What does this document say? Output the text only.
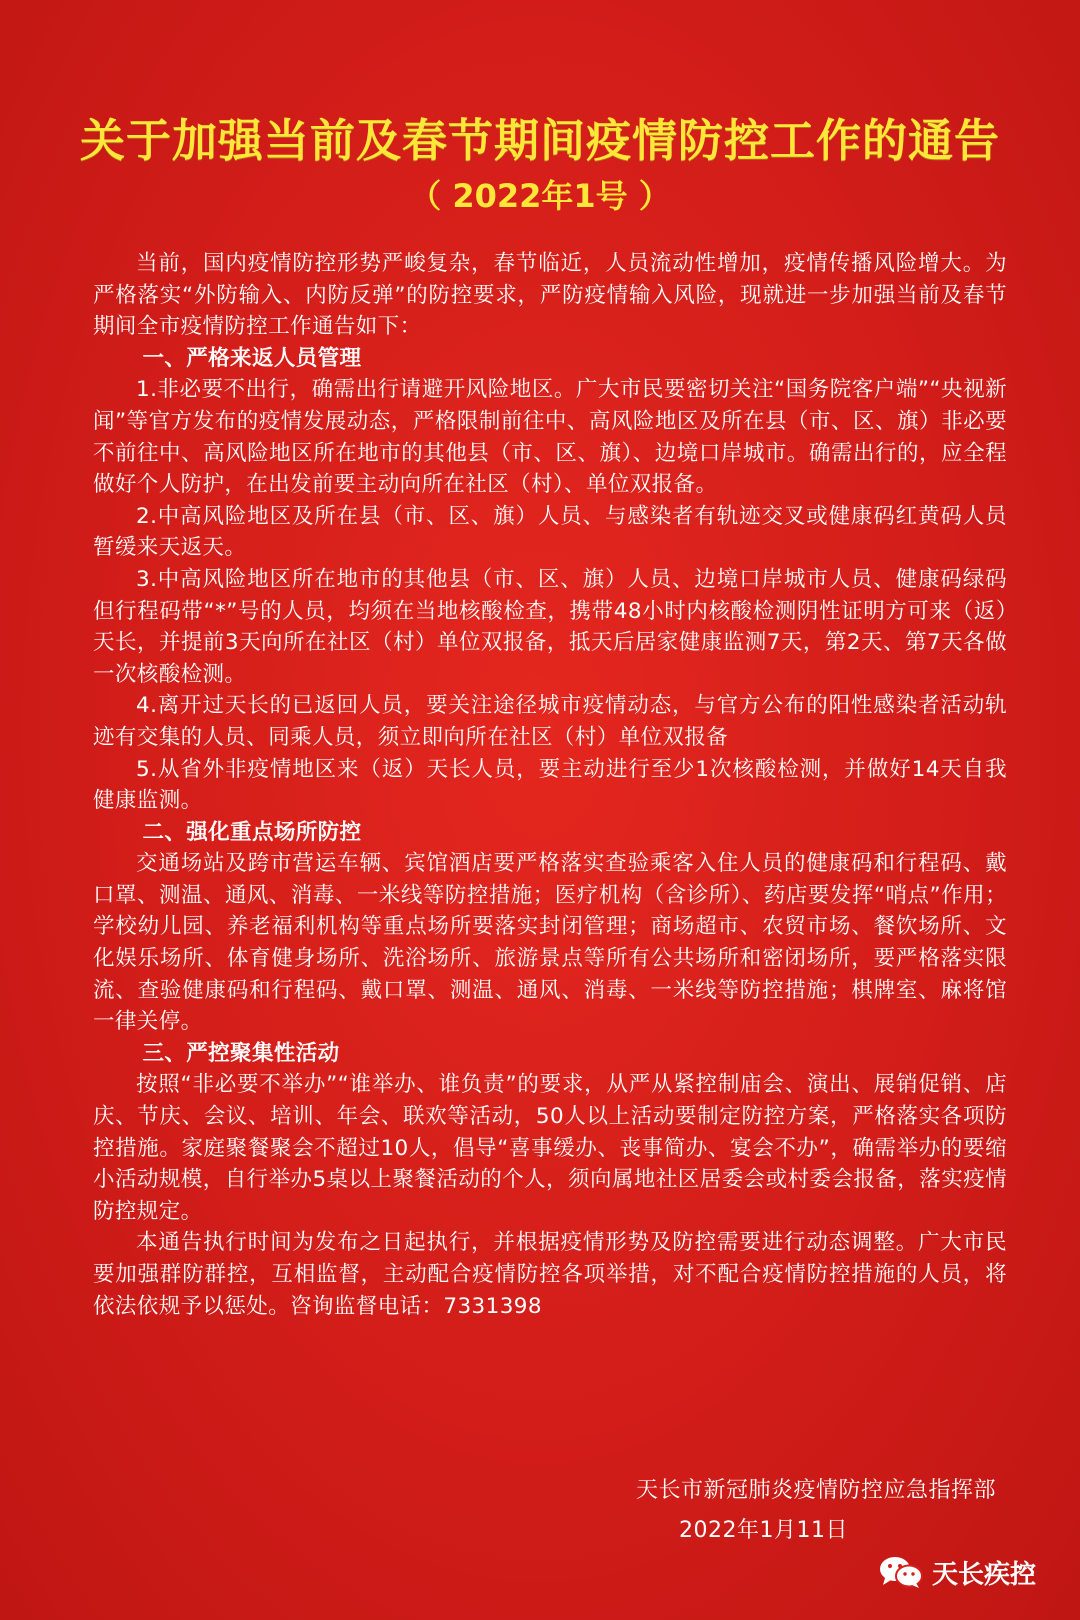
关于加强当前及春节期间疫情防控工作的通告
（ 2022年1号 ）

当前，国内疫情防控形势严峻复杂，春节临近，人员流动性增加，疫情传播风险增大。为严格落实“外防输入、内防反弹”的防控要求，严防疫情输入风险，现就进一步加强当前及春节期间全市疫情防控工作通告如下：

一、严格来返人员管理

1.非必要不出行，确需出行请避开风险地区。广大市民要密切关注“国务院客户端”“央视新闻”等官方发布的疫情发展动态，严格限制前往中、高风险地区及所在县（市、区、旗）非必要不前往中、高风险地区所在地市的其他县（市、区、旗）、边境口岸城市。确需出行的，应全程做好个人防护，在出发前要主动向所在社区（村）、单位双报备。

2.中高风险地区及所在县（市、区、旗）人员、与感染者有轨迹交叉或健康码红黄码人员暂缓来天返天。

3.中高风险地区所在地市的其他县（市、区、旗）人员、边境口岸城市人员、健康码绿码但行程码带“*”号的人员，均须在当地核酸检查，携带48小时内核酸检测阴性证明方可来（返）天长，并提前3天向所在社区（村）单位双报备，抵天后居家健康监测7天，第2天、第7天各做一次核酸检测。

4.离开过天长的已返回人员，要关注途径城市疫情动态，与官方公布的阳性感染者活动轨迹有交集的人员、同乘人员，须立即向所在社区（村）单位双报备

5.从省外非疫情地区来（返）天长人员，要主动进行至少1次核酸检测，并做好14天自我健康监测。

二、强化重点场所防控

交通场站及跨市营运车辆、宾馆酒店要严格落实查验乘客入住人员的健康码和行程码、戴口罩、测温、通风、消毒、一米线等防控措施；医疗机构（含诊所）、药店要发挥“哨点”作用；学校幼儿园、养老福利机构等重点场所要落实封闭管理；商场超市、农贸市场、餐饮场所、文化娱乐场所、体育健身场所、洗浴场所、旅游景点等所有公共场所和密闭场所，要严格落实限流、查验健康码和行程码、戴口罩、测温、通风、消毒、一米线等防控措施；棋牌室、麻将馆一律关停。

三、严控聚集性活动

按照“非必要不举办”“谁举办、谁负责”的要求，从严从紧控制庙会、演出、展销促销、店庆、节庆、会议、培训、年会、联欢等活动，50人以上活动要制定防控方案，严格落实各项防控措施。家庭聚餐聚会不超过10人，倡导“喜事缓办、丧事简办、宴会不办”，确需举办的要缩小活动规模，自行举办5桌以上聚餐活动的个人，须向属地社区居委会或村委会报备，落实疫情防控规定。

本通告执行时间为发布之日起执行，并根据疫情形势及防控需要进行动态调整。广大市民要加强群防群控，互相监督，主动配合疫情防控各项举措，对不配合疫情防控措施的人员，将依法依规予以惩处。咨询监督电话：7331398

天长市新冠肺炎疫情防控应急指挥部
2022年1月11日
天长疾控
